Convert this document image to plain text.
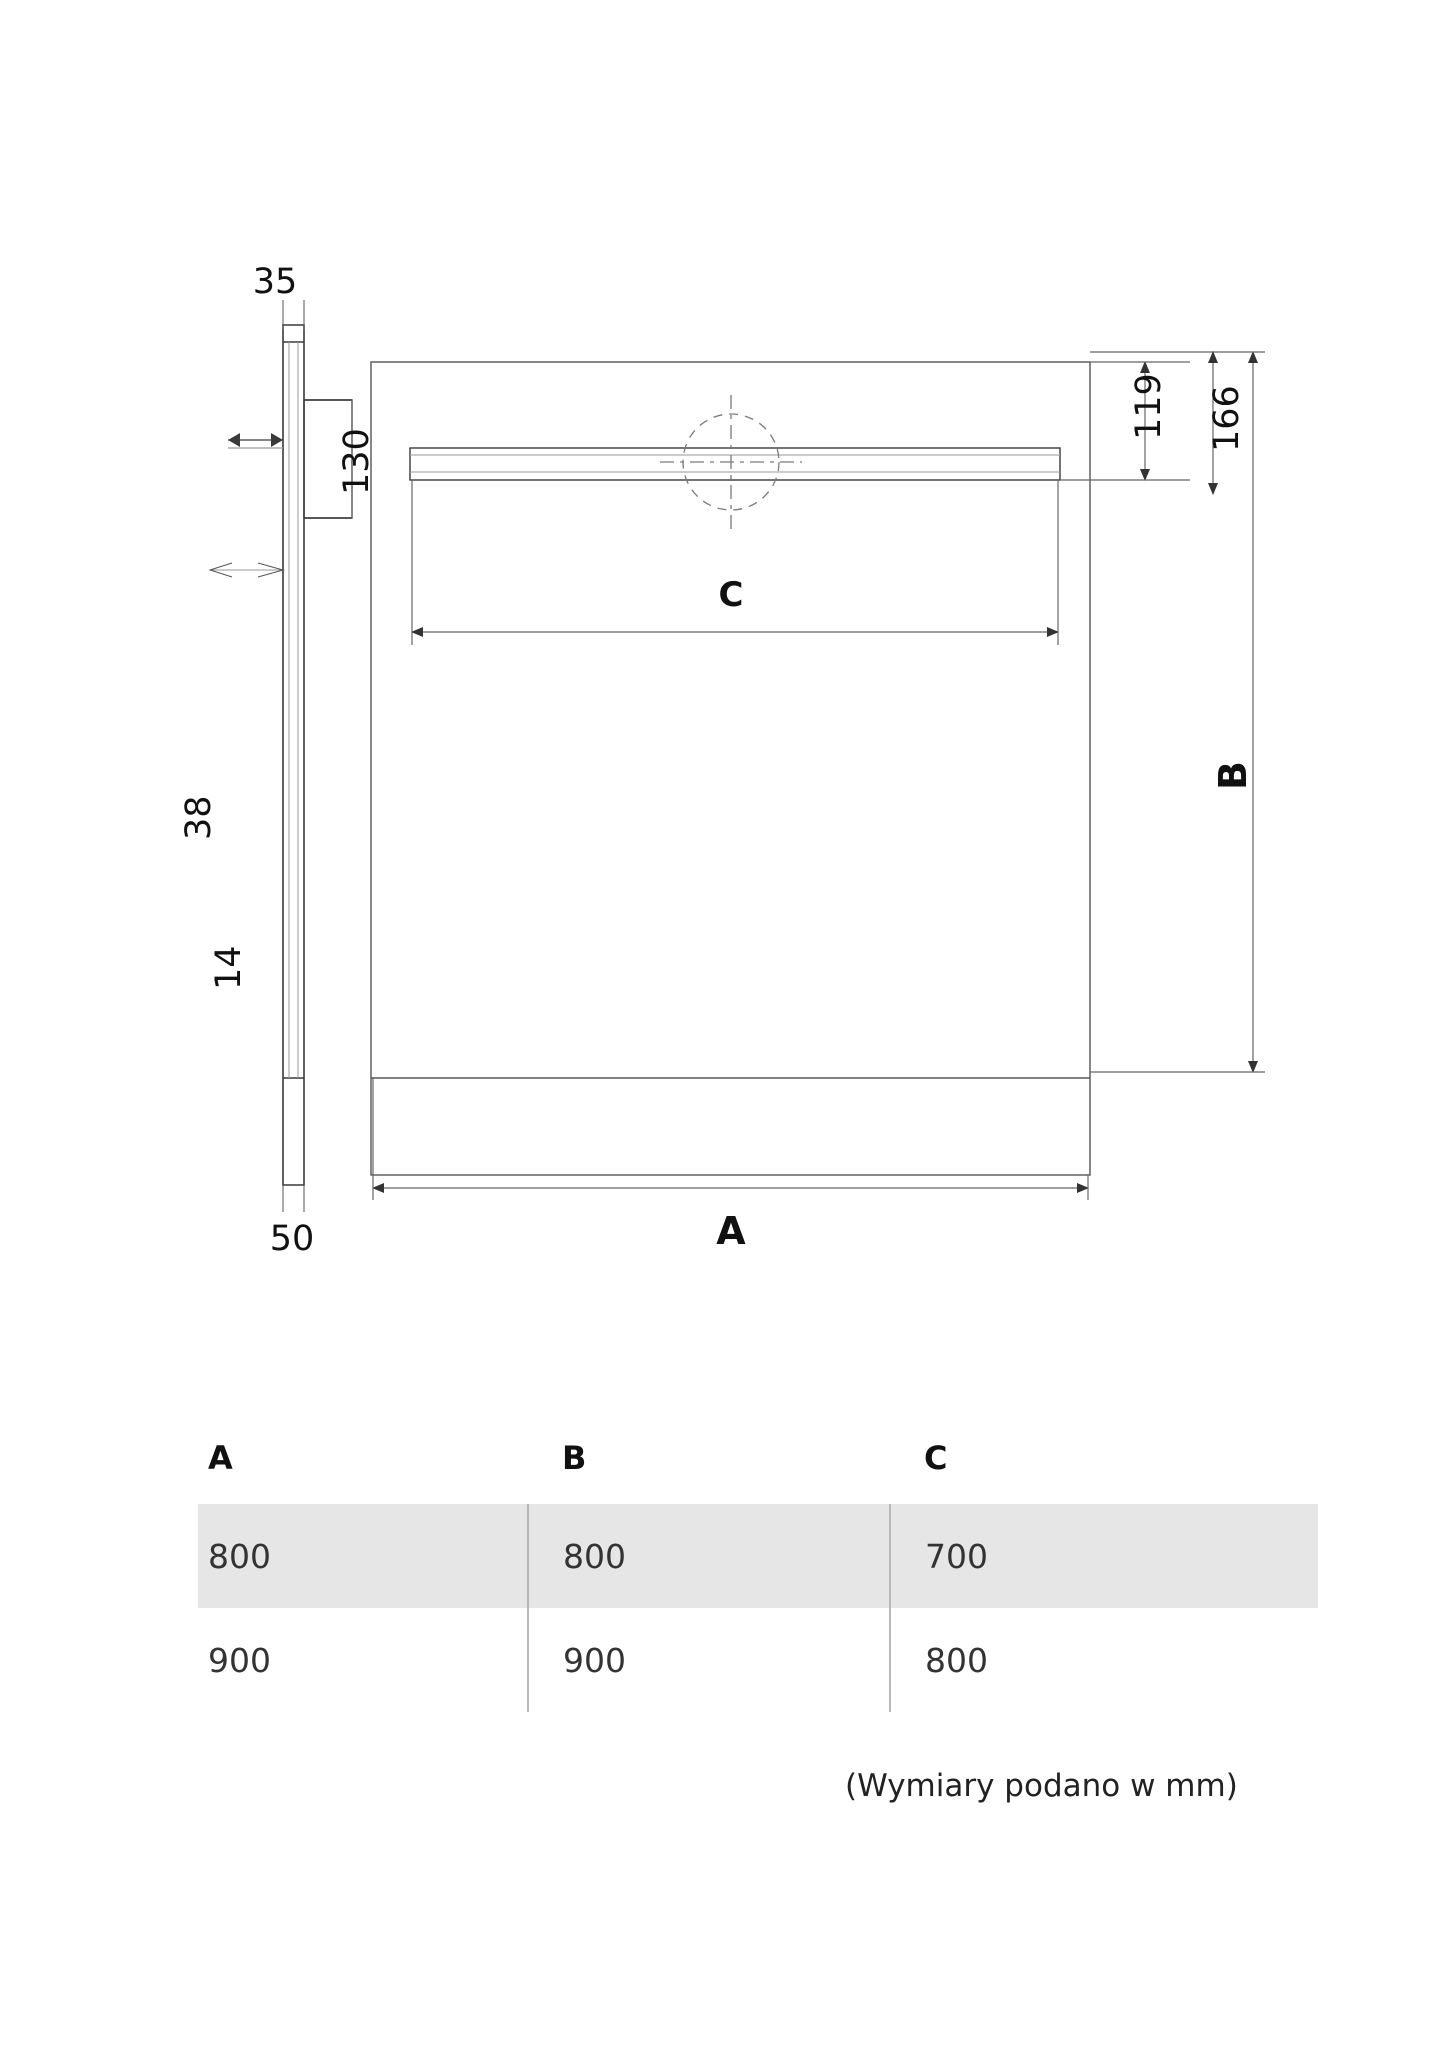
35
130
38
14
50
119 166
C
A
B
A	B	C
800	800	700
900	900	800
(Wymiary podano w mm)
